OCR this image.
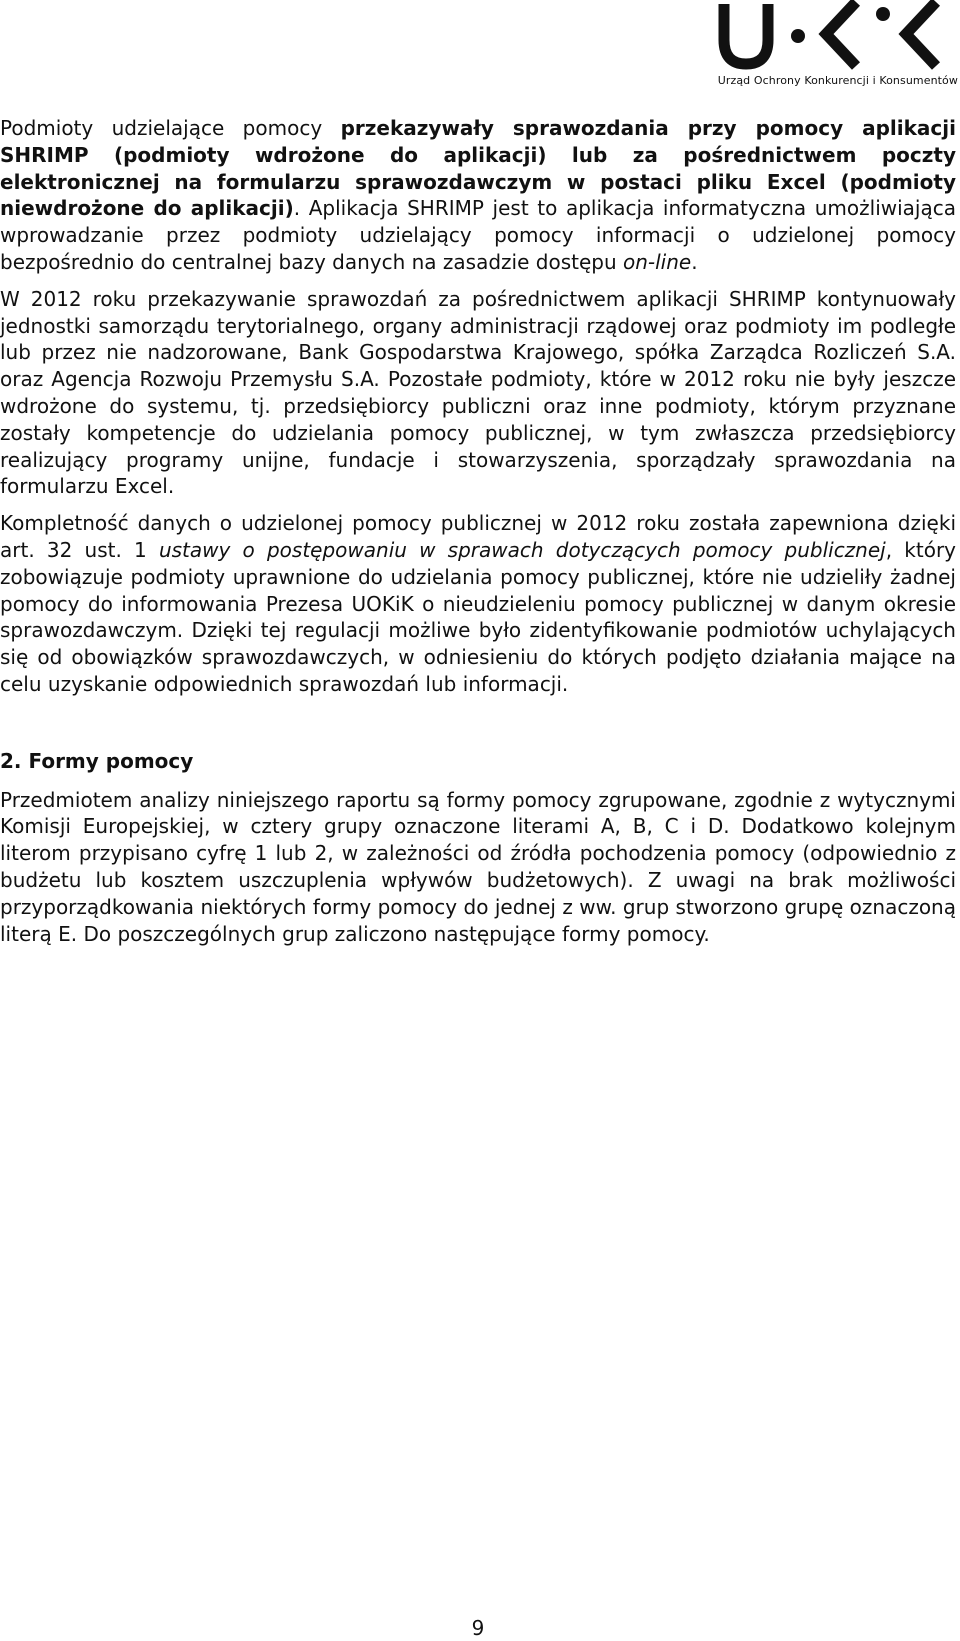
Urząd Ochrony Konkurencji i Konsumentów

Podmioty udzielające pomocy przekazywały sprawozdania przy pomocy aplikacji SHRIMP (podmioty wdrożone do aplikacji) lub za pośrednictwem poczty elektronicznej na formularzu sprawozdawczym w postaci pliku Excel (podmioty niewdrożone do aplikacji). Aplikacja SHRIMP jest to aplikacja informatyczna umożliwiająca wprowadzanie przez podmioty udzielający pomocy informacji o udzielonej pomocy bezpośrednio do centralnej bazy danych na zasadzie dostępu on-line.

W 2012 roku przekazywanie sprawozdań za pośrednictwem aplikacji SHRIMP kontynuowały jednostki samorządu terytorialnego, organy administracji rządowej oraz podmioty im podległe lub przez nie nadzorowane, Bank Gospodarstwa Krajowego, spółka Zarządca Rozliczeń S.A. oraz Agencja Rozwoju Przemysłu S.A. Pozostałe podmioty, które w 2012 roku nie były jeszcze wdrożone do systemu, tj. przedsiębiorcy publiczni oraz inne podmioty, którym przyznane zostały kompetencje do udzielania pomocy publicznej, w tym zwłaszcza przedsiębiorcy realizujący programy unijne, fundacje i stowarzyszenia, sporządzały sprawozdania na formularzu Excel.

Kompletność danych o udzielonej pomocy publicznej w 2012 roku została zapewniona dzięki art. 32 ust. 1 ustawy o postępowaniu w sprawach dotyczących pomocy publicznej, który zobowiązuje podmioty uprawnione do udzielania pomocy publicznej, które nie udzieliły żadnej pomocy do informowania Prezesa UOKiK o nieudzieleniu pomocy publicznej w danym okresie sprawozdawczym. Dzięki tej regulacji możliwe było zidentyfikowanie podmiotów uchylających się od obowiązków sprawozdawczych, w odniesieniu do których podjęto działania mające na celu uzyskanie odpowiednich sprawozdań lub informacji.

2. Formy pomocy

Przedmiotem analizy niniejszego raportu są formy pomocy zgrupowane, zgodnie z wytycznymi Komisji Europejskiej, w cztery grupy oznaczone literami A, B, C i D. Dodatkowo kolejnym literom przypisano cyfrę 1 lub 2, w zależności od źródła pochodzenia pomocy (odpowiednio z budżetu lub kosztem uszczuplenia wpływów budżetowych). Z uwagi na brak możliwości przyporządkowania niektórych formy pomocy do jednej z ww. grup stworzono grupę oznaczoną literą E. Do poszczególnych grup zaliczono następujące formy pomocy.

9
